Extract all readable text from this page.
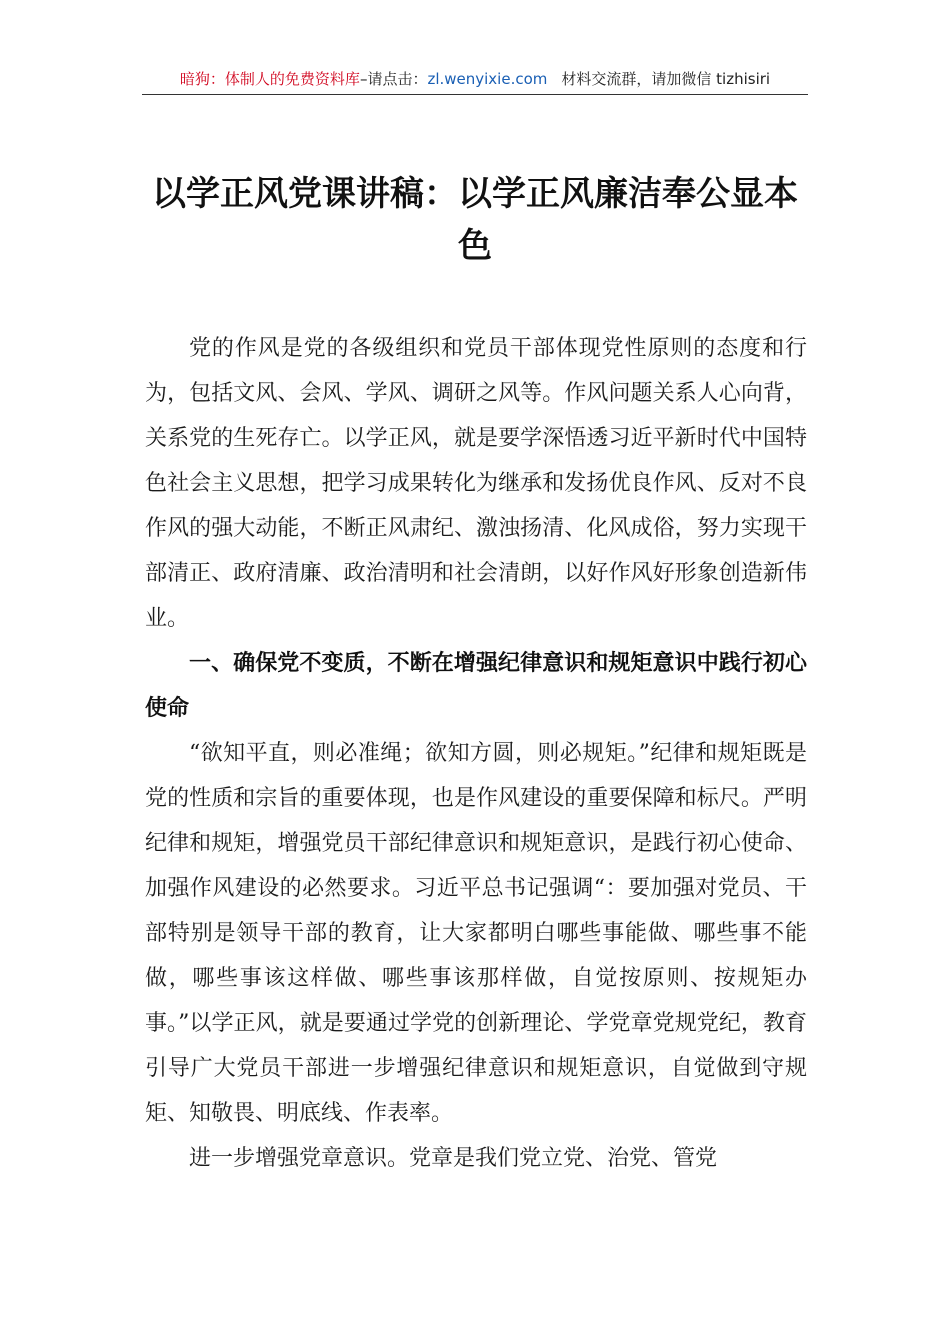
暗狗：体制人的免费资料库–请点击：zl.wenyixie.com 材料交流群，请加微信 tizhisiri
以学正风党课讲稿：以学正风廉洁奉公显本色

党的作风是党的各级组织和党员干部体现党性原则的态度和行为，包括文风、会风、学风、调研之风等。作风问题关系人心向背，关系党的生死存亡。以学正风，就是要学深悟透习近平新时代中国特色社会主义思想，把学习成果转化为继承和发扬优良作风、反对不良作风的强大动能，不断正风肃纪、激浊扬清、化风成俗，努力实现干部清正、政府清廉、政治清明和社会清朗，以好作风好形象创造新伟业。

一、确保党不变质，不断在增强纪律意识和规矩意识中践行初心使命

“欲知平直，则必准绳；欲知方圆，则必规矩。”纪律和规矩既是党的性质和宗旨的重要体现，也是作风建设的重要保障和标尺。严明纪律和规矩，增强党员干部纪律意识和规矩意识，是践行初心使命、加强作风建设的必然要求。习近平总书记强调“：要加强对党员、干部特别是领导干部的教育，让大家都明白哪些事能做、哪些事不能做，哪些事该这样做、哪些事该那样做，自觉按原则、按规矩办事。”以学正风，就是要通过学党的创新理论、学党章党规党纪，教育引导广大党员干部进一步增强纪律意识和规矩意识，自觉做到守规矩、知敬畏、明底线、作表率。

进一步增强党章意识。党章是我们党立党、治党、管党
